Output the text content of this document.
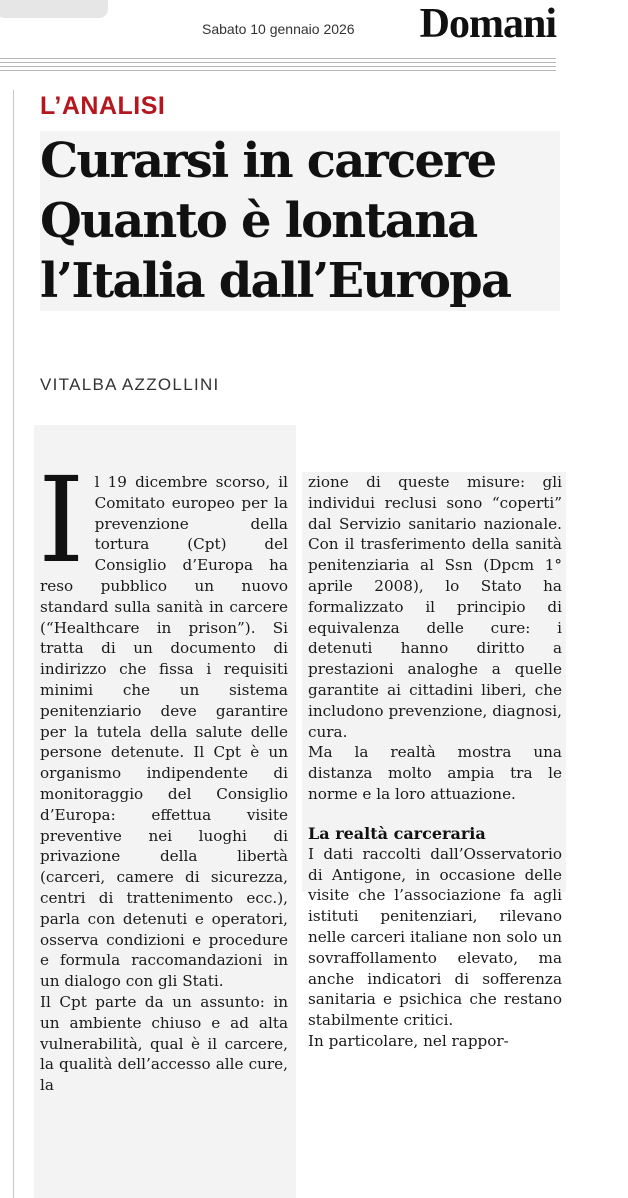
Sabato 10 gennaio 2026 Domani
L’ANALISI
Curarsi in carcere
Quanto è lontana
l’Italia dall’Europa
VITALBA AZZOLLINI
I l 19 dicembre scorso, il Comitato europeo per la prevenzione della tortura (Cpt) del Consiglio d’Europa ha reso pubblico un nuovo standard sulla sanità in carcere (“Healthcare in prison”). Si tratta di un documento di indirizzo che fissa i requisiti minimi che un sistema penitenziario deve garantire per la tutela della salute delle persone detenute. Il Cpt è un organismo indipendente di monitoraggio del Consiglio d’Europa: effettua visite preventive nei luoghi di privazione della libertà (carceri, camere di sicurezza, centri di trattenimento ecc.), parla con detenuti e operatori, osserva condizioni e procedure e formula raccomandazioni in un dialogo con gli Stati.

Il Cpt parte da un assunto: in un ambiente chiuso e ad alta vulnerabilità, qual è il carcere, la qualità dell’accesso alle cure, la

zione di queste misure: gli individui reclusi sono “coperti” dal Servizio sanitario nazionale. Con il trasferimento della sanità penitenziaria al Ssn (Dpcm 1° aprile 2008), lo Stato ha formalizzato il principio di equivalenza delle cure: i detenuti hanno diritto a prestazioni analoghe a quelle garantite ai cittadini liberi, che includono prevenzione, diagnosi, cura.

Ma la realtà mostra una distanza molto ampia tra le norme e la loro attuazione.

La realtà carceraria

I dati raccolti dall’Osservatorio di Antigone, in occasione delle visite che l’associazione fa agli istituti penitenziari, rilevano nelle carceri italiane non solo un sovraffollamento elevato, ma anche indicatori di sofferenza sanitaria e psichica che restano stabilmente critici.

In particolare, nel rappor-
